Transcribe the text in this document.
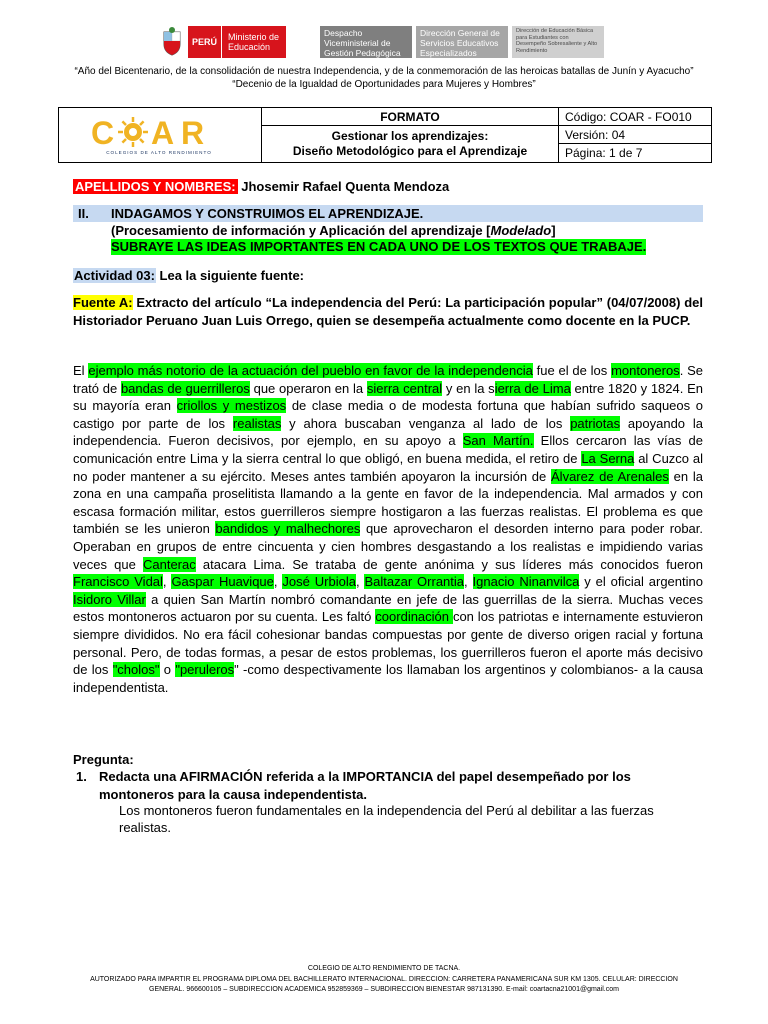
PERÚ	Ministerio de Educación
Despacho Viceministerial de Gestión Pedagógica
Dirección General de Servicios Educativos Especializados
Dirección de Educación Básica para Estudiantes con Desempeño Sobresaliente y Alto Rendimiento
“Año del Bicentenario, de la consolidación de nuestra Independencia, y de la conmemoración de las heroicas batallas de Junín y Ayacucho”
“Decenio de la Igualdad de Oportunidades para Mujeres y Hombres”
C A R
COLEGIOS DE ALTO RENDIMIENTO	FORMATO	Código: COAR - FO010

	Gestionar los aprendizajes:
Diseño Metodológico para el Aprendizaje	Versión: 04
		Página: 1 de 7
APELLIDOS Y NOMBRES: Jhosemir Rafael Quenta Mendoza
II. INDAGAMOS Y CONSTRUIMOS EL APRENDIZAJE.
(Procesamiento de información y Aplicación del aprendizaje [Modelado]
SUBRAYE LAS IDEAS IMPORTANTES EN CADA UNO DE LOS TEXTOS QUE TRABAJE.
Actividad 03: Lea la siguiente fuente:
Fuente A: Extracto del artículo “La independencia del Perú: La participación popular” (04/07/2008) del Historiador Peruano Juan Luis Orrego, quien se desempeña actualmente como docente en la PUCP.
El ejemplo más notorio de la actuación del pueblo en favor de la independencia fue el de los montoneros. Se trató de bandas de guerrilleros que operaron en la sierra central y en la sierra de Lima entre 1820 y 1824. En su mayoría eran criollos y mestizos de clase media o de modesta fortuna que habían sufrido saqueos o castigo por parte de los realistas y ahora buscaban venganza al lado de los patriotas apoyando la independencia. Fueron decisivos, por ejemplo, en su apoyo a San Martín. Ellos cercaron las vías de comunicación entre Lima y la sierra central lo que obligó, en buena medida, el retiro de La Serna al Cuzco al no poder mantener a su ejército. Meses antes también apoyaron la incursión de Álvarez de Arenales en la zona en una campaña proselitista llamando a la gente en favor de la independencia. Mal armados y con escasa formación militar, estos guerrilleros siempre hostigaron a las fuerzas realistas. El problema es que también se les unieron bandidos y malhechores que aprovecharon el desorden interno para poder robar. Operaban en grupos de entre cincuenta y cien hombres desgastando a los realistas e impidiendo varias veces que Canterac atacara Lima. Se trataba de gente anónima y sus líderes más conocidos fueron Francisco Vidal, Gaspar Huavique, José Urbiola, Baltazar Orrantia, Ignacio Ninanvilca y el oficial argentino Isidoro Villar a quien San Martín nombró comandante en jefe de las guerrillas de la sierra. Muchas veces estos montoneros actuaron por su cuenta. Les faltó coordinación con los patriotas e internamente estuvieron siempre divididos. No era fácil cohesionar bandas compuestas por gente de diverso origen racial y fortuna personal. Pero, de todas formas, a pesar de estos problemas, los guerrilleros fueron el aporte más decisivo de los "cholos" o "peruleros" -como despectivamente los llamaban los argentinos y colombianos- a la causa independentista.
Pregunta:
1. Redacta una AFIRMACIÓN referida a la IMPORTANCIA del papel desempeñado por los montoneros para la causa independentista.
Los montoneros fueron fundamentales en la independencia del Perú al debilitar a las fuerzas realistas.
COLEGIO DE ALTO RENDIMIENTO DE TACNA.
AUTORIZADO PARA IMPARTIR EL PROGRAMA DIPLOMA DEL BACHILLERATO INTERNACIONAL. DIRECCION: CARRETERA PANAMERICANA SUR KM 1305. CELULAR: DIRECCION
GENERAL. 966600105 – SUBDIRECCION ACADEMICA 952859369 – SUBDIRECCION BIENESTAR 987131390. E-mail: coartacna21001@gmail.com
